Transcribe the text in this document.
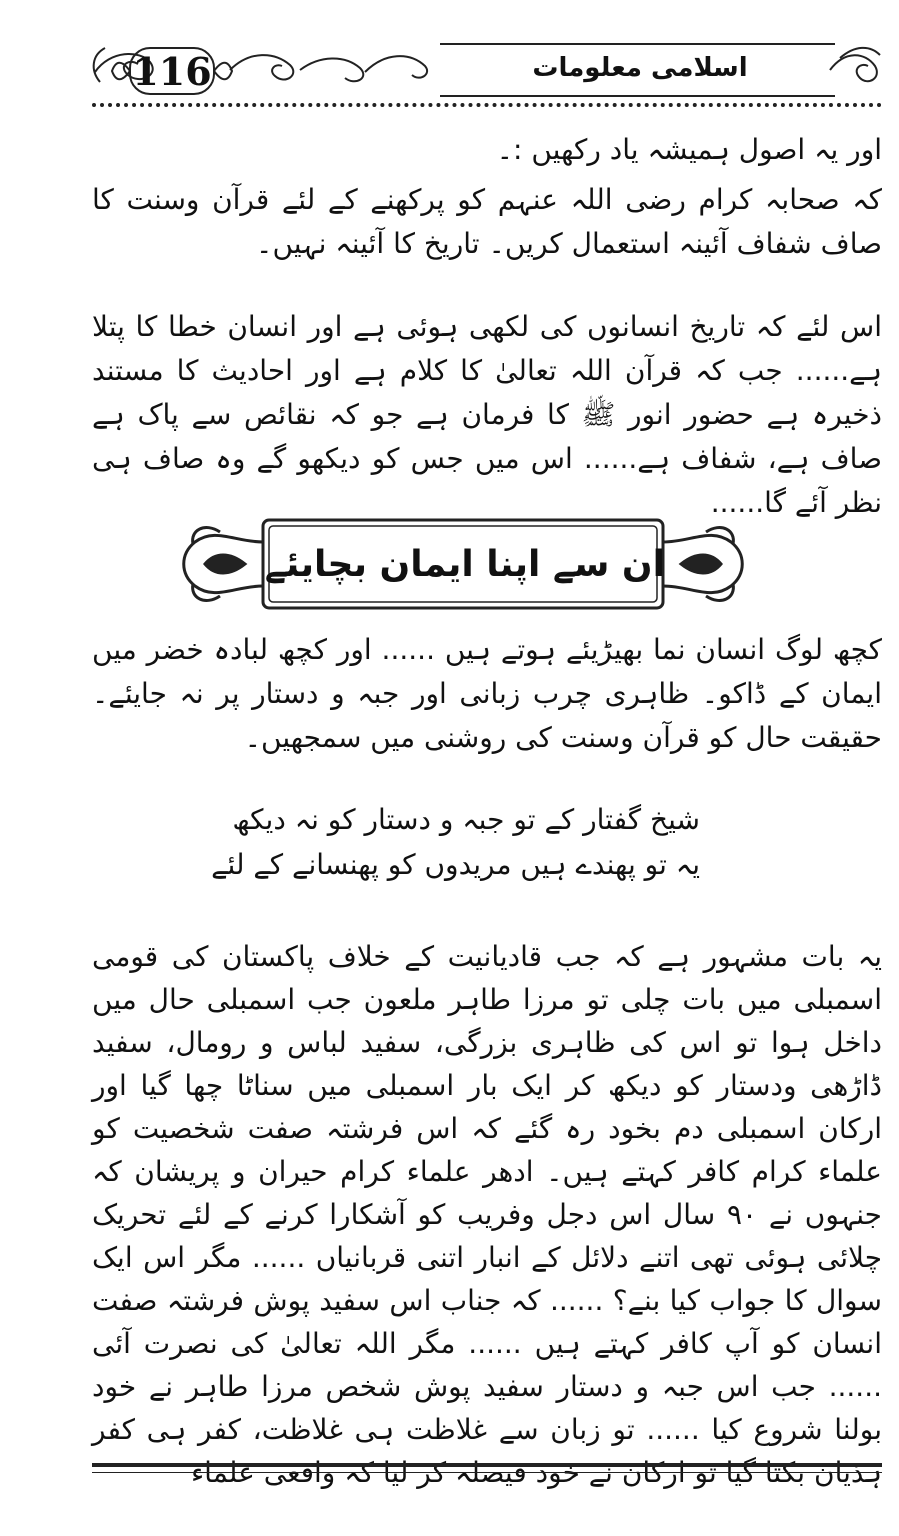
116	اسلامی معلومات

اور یہ اصول ہمیشہ یاد رکھیں :۔

کہ صحابہ کرام رضی اللہ عنہم کو پرکھنے کے لئے قرآن وسنت کا صاف شفاف آئینہ استعمال کریں۔ تاریخ کا آئینہ نہیں۔

اس لئے کہ تاریخ انسانوں کی لکھی ہوئی ہے اور انسان خطا کا پتلا ہے...... جب کہ قرآن اللہ تعالیٰ کا کلام ہے اور احادیث کا مستند ذخیرہ ہے حضور انور ﷺ کا فرمان ہے جو کہ نقائص سے پاک ہے صاف ہے، شفاف ہے...... اس میں جس کو دیکھو گے وہ صاف ہی نظر آئے گا......

ان سے اپنا ایمان بچایئے

کچھ لوگ انسان نما بھیڑیئے ہوتے ہیں ...... اور کچھ لبادہ خضر میں ایمان کے ڈاکو۔ ظاہری چرب زبانی اور جبہ و دستار پر نہ جایئے۔ حقیقت حال کو قرآن وسنت کی روشنی میں سمجھیں۔

شیخ گفتار کے تو جبہ و دستار کو نہ دیکھ
یہ تو پھندے ہیں مریدوں کو پھنسانے کے لئے

یہ بات مشہور ہے کہ جب قادیانیت کے خلاف پاکستان کی قومی اسمبلی میں بات چلی تو مرزا طاہر ملعون جب اسمبلی حال میں داخل ہوا تو اس کی ظاہری بزرگی، سفید لباس و رومال، سفید ڈاڑھی ودستار کو دیکھ کر ایک بار اسمبلی میں سناٹا چھا گیا اور ارکان اسمبلی دم بخود رہ گئے کہ اس فرشتہ صفت شخصیت کو علماء کرام کافر کہتے ہیں۔ ادھر علماء کرام حیران و پریشان کہ جنہوں نے ۹۰ سال اس دجل وفریب کو آشکارا کرنے کے لئے تحریک چلائی ہوئی تھی اتنے دلائل کے انبار اتنی قربانیاں ...... مگر اس ایک سوال کا جواب کیا بنے؟ ...... کہ جناب اس سفید پوش فرشتہ صفت انسان کو آپ کافر کہتے ہیں ...... مگر اللہ تعالیٰ کی نصرت آئی ...... جب اس جبہ و دستار سفید پوش شخص مرزا طاہر نے خود بولنا شروع کیا ...... تو زبان سے غلاظت ہی غلاظت، کفر ہی کفر ہذیان بکتا گیا تو ارکان نے خود فیصلہ کر لیا کہ واقعی علماء
